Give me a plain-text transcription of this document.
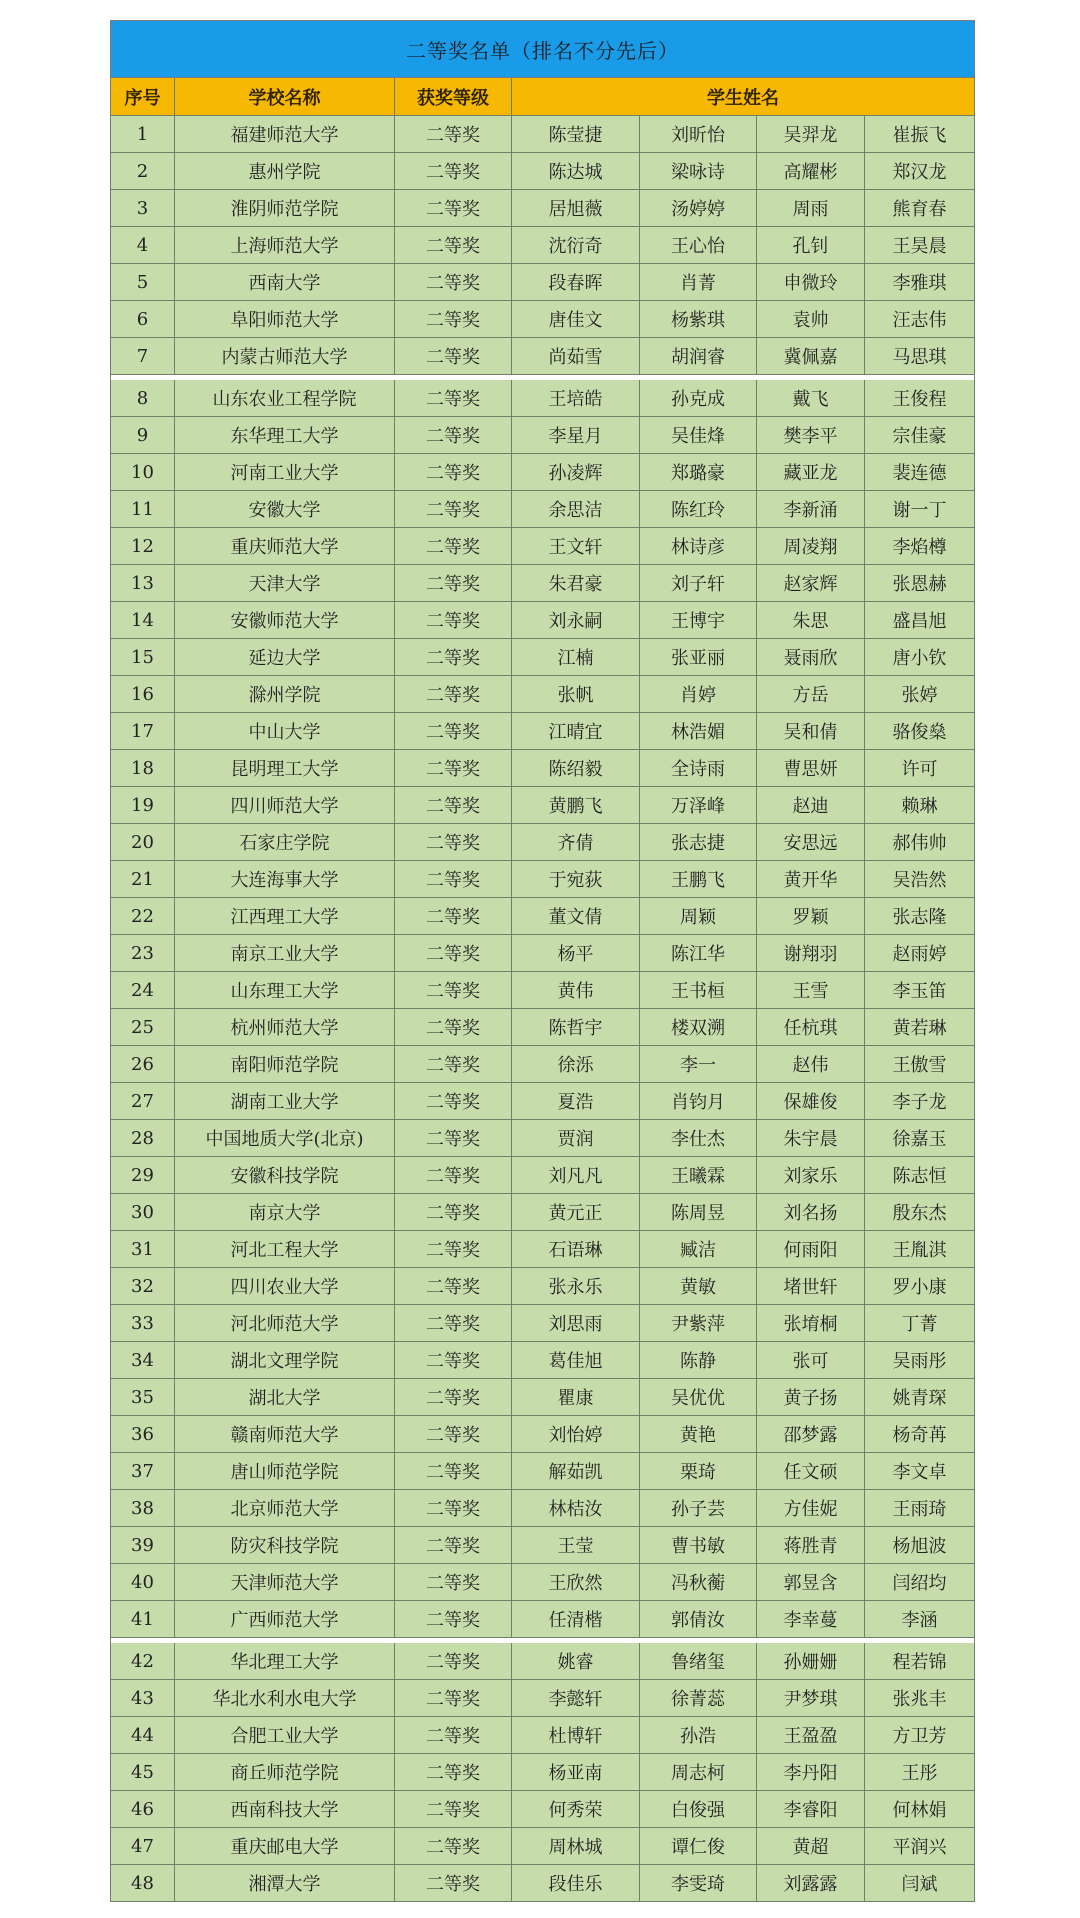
二等奖名单（排名不分先后）
序号	学校名称	获奖等级	学生姓名
1	福建师范大学	二等奖	陈莹捷	刘昕怡	吴羿龙	崔振飞
2	惠州学院	二等奖	陈达城	梁咏诗	高耀彬	郑汉龙
3	淮阴师范学院	二等奖	居旭薇	汤婷婷	周雨	熊育春
4	上海师范大学	二等奖	沈衍奇	王心怡	孔钊	王昊晨
5	西南大学	二等奖	段春晖	肖菁	申微玲	李雅琪
6	阜阳师范大学	二等奖	唐佳文	杨紫琪	袁帅	汪志伟
7	内蒙古师范大学	二等奖	尚茹雪	胡润睿	冀佩嘉	马思琪
8	山东农业工程学院	二等奖	王培皓	孙克成	戴飞	王俊程
9	东华理工大学	二等奖	李星月	吴佳烽	樊李平	宗佳豪
10	河南工业大学	二等奖	孙凌辉	郑璐豪	藏亚龙	裴连德
11	安徽大学	二等奖	余思洁	陈红玲	李新涌	谢一丁
12	重庆师范大学	二等奖	王文轩	林诗彦	周凌翔	李焰樽
13	天津大学	二等奖	朱君豪	刘子轩	赵家辉	张恩赫
14	安徽师范大学	二等奖	刘永嗣	王博宇	朱思	盛昌旭
15	延边大学	二等奖	江楠	张亚丽	聂雨欣	唐小钦
16	滁州学院	二等奖	张帆	肖婷	方岳	张婷
17	中山大学	二等奖	江晴宜	林浩媚	吴和倩	骆俊燊
18	昆明理工大学	二等奖	陈绍毅	全诗雨	曹思妍	许可
19	四川师范大学	二等奖	黄鹏飞	万泽峰	赵迪	赖琳
20	石家庄学院	二等奖	齐倩	张志捷	安思远	郝伟帅
21	大连海事大学	二等奖	于宛荻	王鹏飞	黄开华	吴浩然
22	江西理工大学	二等奖	董文倩	周颖	罗颖	张志隆
23	南京工业大学	二等奖	杨平	陈江华	谢翔羽	赵雨婷
24	山东理工大学	二等奖	黄伟	王书桓	王雪	李玉笛
25	杭州师范大学	二等奖	陈哲宇	楼双溯	任杭琪	黄若琳
26	南阳师范学院	二等奖	徐泺	李一	赵伟	王傲雪
27	湖南工业大学	二等奖	夏浩	肖钧月	保雄俊	李子龙
28	中国地质大学(北京)	二等奖	贾润	李仕杰	朱宇晨	徐嘉玉
29	安徽科技学院	二等奖	刘凡凡	王曦霖	刘家乐	陈志恒
30	南京大学	二等奖	黄元正	陈周昱	刘名扬	殷东杰
31	河北工程大学	二等奖	石语琳	臧洁	何雨阳	王胤淇
32	四川农业大学	二等奖	张永乐	黄敏	堵世轩	罗小康
33	河北师范大学	二等奖	刘思雨	尹紫萍	张堉桐	丁菁
34	湖北文理学院	二等奖	葛佳旭	陈静	张可	吴雨彤
35	湖北大学	二等奖	瞿康	吴优优	黄子扬	姚青琛
36	赣南师范大学	二等奖	刘怡婷	黄艳	邵梦露	杨奇苒
37	唐山师范学院	二等奖	解茹凯	栗琦	任文硕	李文卓
38	北京师范大学	二等奖	林桔汝	孙子芸	方佳妮	王雨琦
39	防灾科技学院	二等奖	王莹	曹书敏	蒋胜青	杨旭波
40	天津师范大学	二等奖	王欣然	冯秋蘅	郭昱含	闫绍均
41	广西师范大学	二等奖	任清楷	郭倩汝	李幸蔓	李涵
42	华北理工大学	二等奖	姚睿	鲁绪玺	孙姗姗	程若锦
43	华北水利水电大学	二等奖	李懿轩	徐菁蕊	尹梦琪	张兆丰
44	合肥工业大学	二等奖	杜博轩	孙浩	王盈盈	方卫芳
45	商丘师范学院	二等奖	杨亚南	周志柯	李丹阳	王彤
46	西南科技大学	二等奖	何秀荣	白俊强	李睿阳	何林娟
47	重庆邮电大学	二等奖	周林城	谭仁俊	黄超	平润兴
48	湘潭大学	二等奖	段佳乐	李雯琦	刘露露	闫斌
